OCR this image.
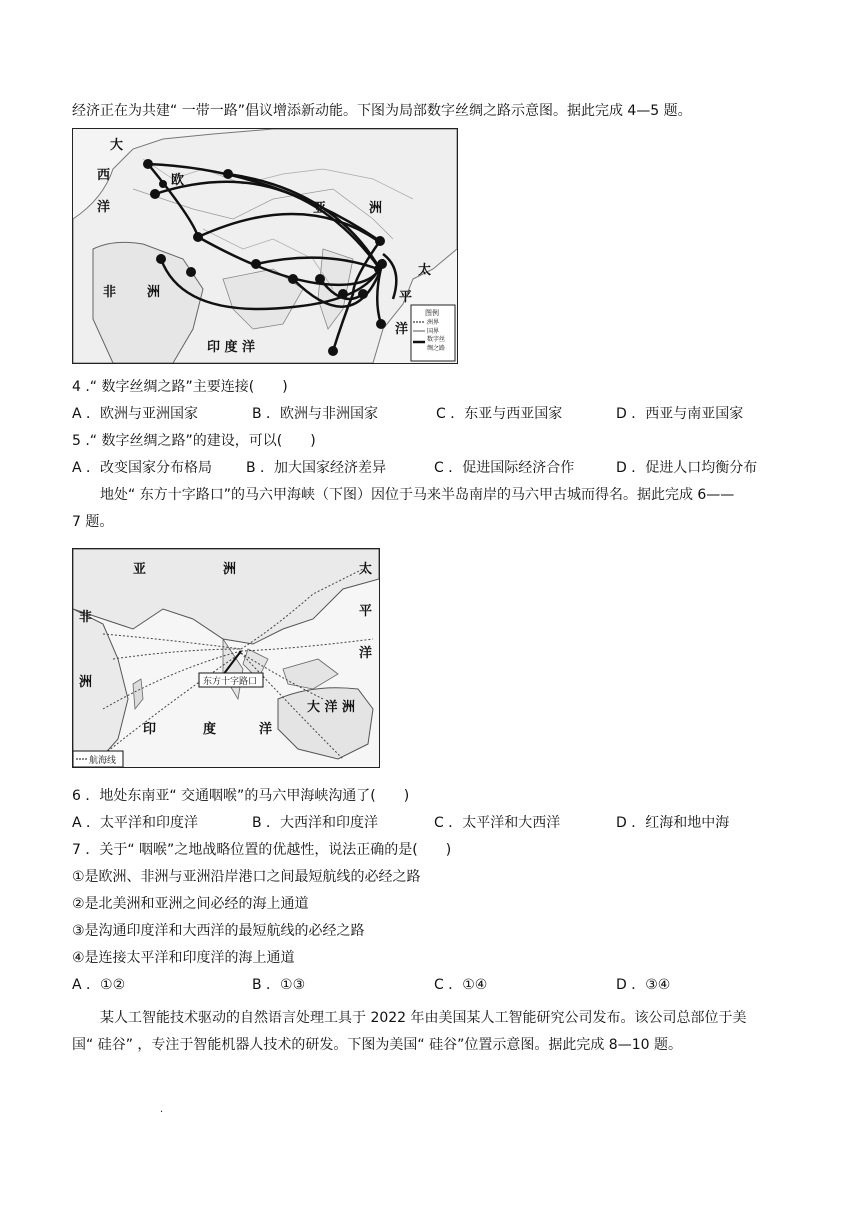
经济正在为共建“ 一带一路”倡议增添新动能。下图为局部数字丝绸之路示意图。据此完成 4—5 题。
大
西
洋
欧
亚	洲
太
平
洋
非 洲
印 度 洋
图例
洲界
国界
数字丝
绸之路
4 .“ 数字丝绸之路”主要连接(　　)
A ．欧洲与亚洲国家	B ．欧洲与非洲国家	C ．东亚与西亚国家	D ．西亚与南亚国家
5 .“ 数字丝绸之路”的建设，可以(　　)
A ．改变国家分布格局 B ．加大国家经济差异	C ．促进国际经济合作	D ．促进人口均衡分布
地处“ 东方十字路口”的马六甲海峡（下图）因位于马来半岛南岸的马六甲古城而得名。据此完成 6——
7 题。
亚	洲	太
平
洋
非
洲
大 洋 洲
印	度	洋
东方十字路口
航海线
6 ．地处东南亚“ 交通咽喉”的马六甲海峡沟通了(　　)
A ．太平洋和印度洋	B ．大西洋和印度洋	C ．太平洋和大西洋	D ．红海和地中海
7 ．关于“ 咽喉”之地战略位置的优越性，说法正确的是(　　)
①是欧洲、非洲与亚洲沿岸港口之间最短航线的必经之路
②是北美洲和亚洲之间必经的海上通道
③是沟通印度洋和大西洋的最短航线的必经之路
④是连接太平洋和印度洋的海上通道
A ．①②	B ．①③	C ．①④	D ．③④
某人工智能技术驱动的自然语言处理工具于 2022 年由美国某人工智能研究公司发布。该公司总部位于美
国“ 硅谷” ，专注于智能机器人技术的研发。下图为美国“ 硅谷”位置示意图。据此完成 8—10 题。
.
